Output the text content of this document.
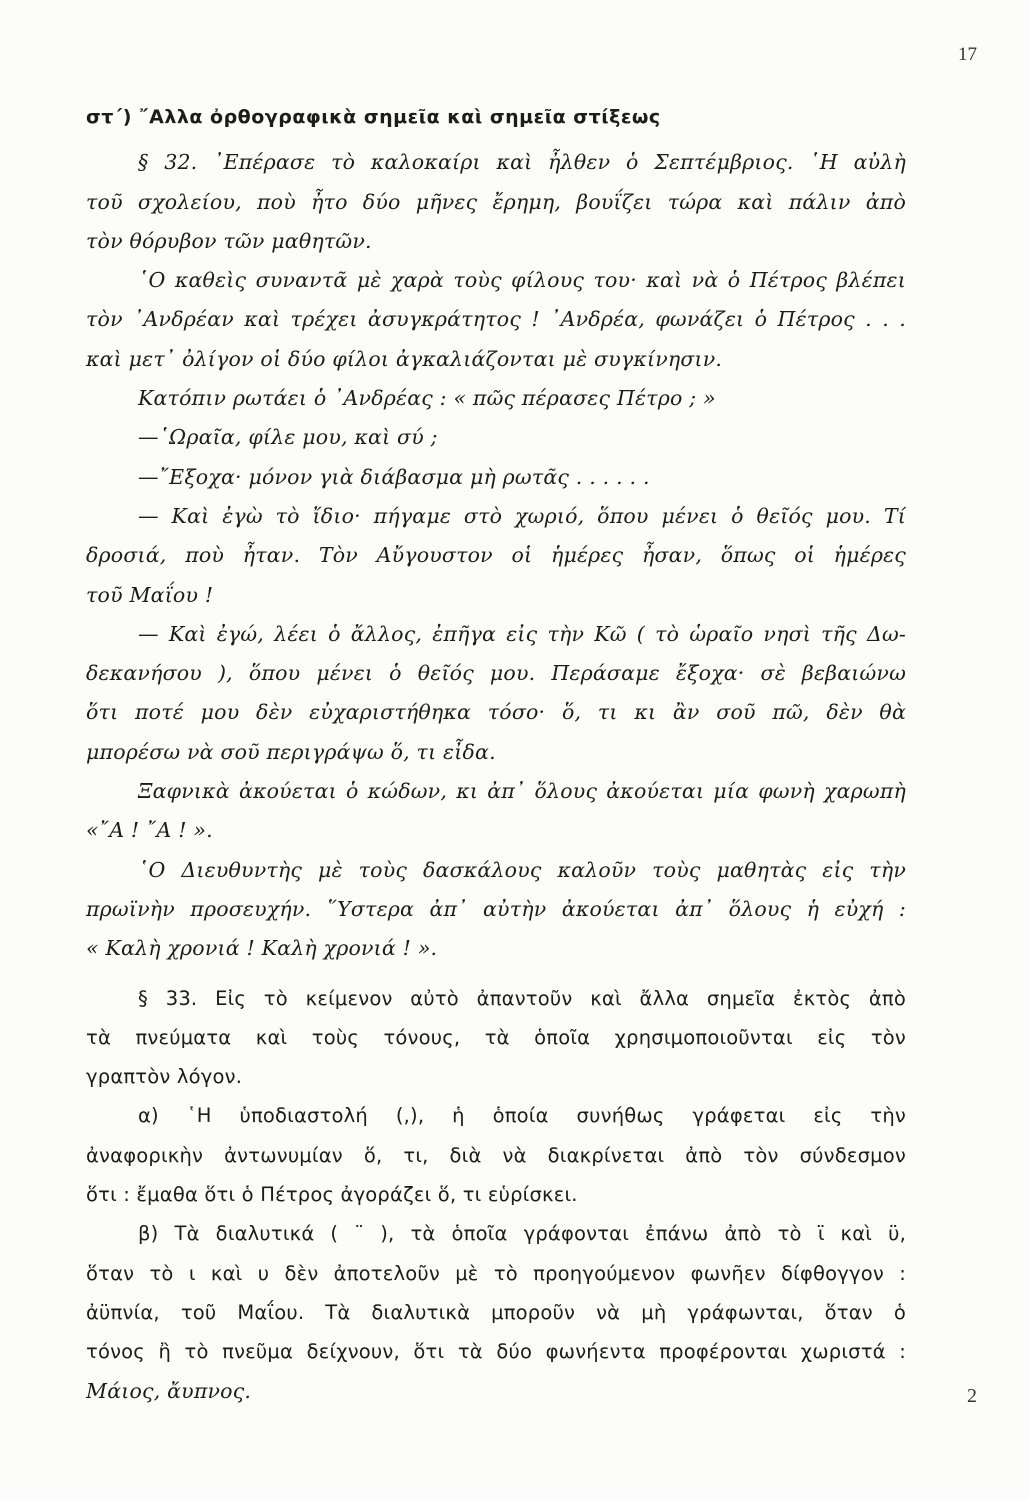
17
στ΄) ῎Αλλα ὀρθογραφικὰ σημεῖα καὶ σημεῖα στίξεως
§ 32. ᾿Επέρασε τὸ καλοκαίρι καὶ ἦλθεν ὁ Σεπτέμβριος. ῾Η αὐλὴ
τοῦ σχολείου, ποὺ ἦτο δύο μῆνες ἔρημη, βουΐζει τώρα καὶ πάλιν ἀπὸ
τὸν θόρυβον τῶν μαθητῶν.
῾Ο καθεὶς συναντᾶ μὲ χαρὰ τοὺς φίλους του· καὶ νὰ ὁ Πέτρος βλέπει
τὸν ᾿Ανδρέαν καὶ τρέχει ἀσυγκράτητος ! ᾿Ανδρέα, φωνάζει ὁ Πέτρος . . .
καὶ μετ᾿ ὀλίγον οἱ δύο φίλοι ἀγκαλιάζονται μὲ συγκίνησιν.
Κατόπιν ρωτάει ὁ ᾿Ανδρέας : « πῶς πέρασες Πέτρο ; »
—῾Ωραῖα, φίλε μου, καὶ σύ ;
—῎Εξοχα· μόνον γιὰ διάβασμα μὴ ρωτᾶς . . . . . .
— Καὶ ἐγὼ τὸ ἴδιο· πήγαμε στὸ χωριό, ὅπου μένει ὁ θεῖός μου. Τί
δροσιά, ποὺ ἦταν. Τὸν Αὔγουστον οἱ ἡμέρες ἦσαν, ὅπως οἱ ἡμέρες
τοῦ Μαΐου !
— Καὶ ἐγώ, λέει ὁ ἄλλος, ἐπῆγα εἰς τὴν Κῶ ( τὸ ὡραῖο νησὶ τῆς Δω-
δεκανήσου ), ὅπου μένει ὁ θεῖός μου. Περάσαμε ἔξοχα· σὲ βεβαιώνω
ὅτι ποτέ μου δὲν εὐχαριστήθηκα τόσο· ὅ, τι κι ἂν σοῦ πῶ, δὲν θὰ
μπορέσω νὰ σοῦ περιγράψω ὅ, τι εἶδα.
Ξαφνικὰ ἀκούεται ὁ κώδων, κι ἀπ᾿ ὅλους ἀκούεται μία φωνὴ χαρωπὴ
«῎Α ! ῎Α ! ».
῾Ο Διευθυντὴς μὲ τοὺς δασκάλους καλοῦν τοὺς μαθητὰς εἰς τὴν
πρωϊνὴν προσευχήν. ῞Υστερα ἀπ᾿ αὐτὴν ἀκούεται ἀπ᾿ ὅλους ἡ εὐχή :
« Καλὴ χρονιά ! Καλὴ χρονιά ! ».
§ 33. Εἰς τὸ κείμενον αὐτὸ ἀπαντοῦν καὶ ἄλλα σημεῖα ἐκτὸς ἀπὸ
τὰ πνεύματα καὶ τοὺς τόνους, τὰ ὁποῖα χρησιμοποιοῦνται εἰς τὸν
γραπτὸν λόγον.
α) ῾Η ὑποδιαστολή (,), ἡ ὁποία συνήθως γράφεται εἰς τὴν
ἀναφορικὴν ἀντωνυμίαν ὅ, τι, διὰ νὰ διακρίνεται ἀπὸ τὸν σύνδεσμον
ὅτι : ἔμαθα ὅτι ὁ Πέτρος ἀγοράζει ὅ, τι εὑρίσκει.
β) Τὰ διαλυτικά ( ¨ ), τὰ ὁποῖα γράφονται ἐπάνω ἀπὸ τὸ ϊ καὶ ϋ,
ὅταν τὸ ι καὶ υ δὲν ἀποτελοῦν μὲ τὸ προηγούμενον φωνῆεν δίφθογγον :
ἀϋπνία, τοῦ Μαΐου. Τὰ διαλυτικὰ μποροῦν νὰ μὴ γράφωνται, ὅταν ὁ
τόνος ἢ τὸ πνεῦμα δείχνουν, ὅτι τὰ δύο φωνήεντα προφέρονται χωριστά :
Μάιος, ἄυπνος.	2
